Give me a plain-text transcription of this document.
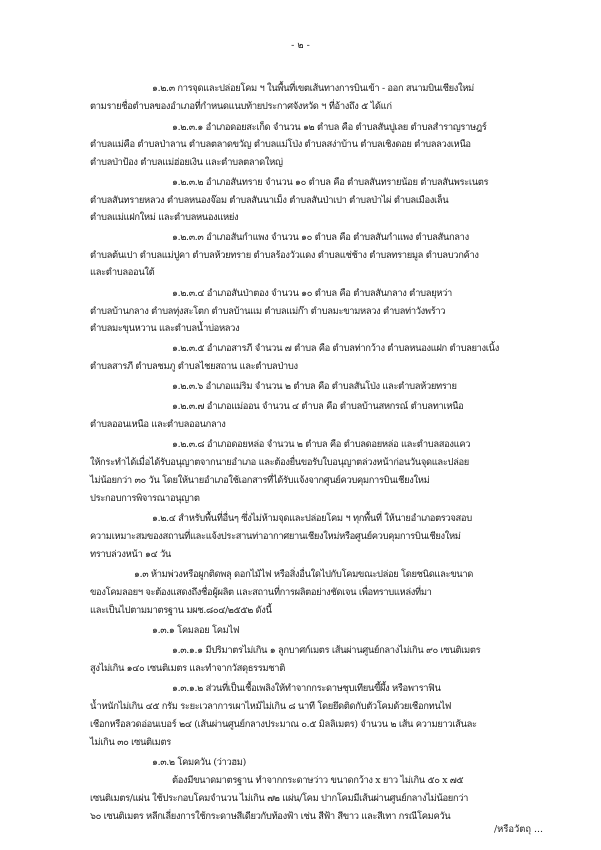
- ๒ -
๑.๒.๓ การจุดและปล่อยโคม ฯ ในพื้นที่เขตเส้นทางการบินเข้า - ออก สนามบินเชียงใหม่
ตามรายชื่อตำบลของอำเภอที่กำหนดแนบท้ายประกาศจังหวัด ฯ ที่อ้างถึง ๕ ได้แก่
๑.๒.๓.๑ อำเภอดอยสะเก็ด จำนวน ๑๒ ตำบล คือ ตำบลสันปูเลย ตำบลสำราญราษฎร์
ตำบลแม่คือ ตำบลป่าลาน ตำบลตลาดขวัญ ตำบลแม่โป่ง ตำบลสง่าบ้าน ตำบลเชิงดอย ตำบลลวงเหนือ
ตำบลป่าป้อง ตำบลแม่ฮ่อยเงิน และตำบลตลาดใหญ่
๑.๒.๓.๒ อำเภอสันทราย จำนวน ๑๐ ตำบล คือ ตำบลสันทรายน้อย ตำบลสันพระเนตร
ตำบลสันทรายหลวง ตำบลหนองจ๊อม ตำบลสันนาเม็ง ตำบลสันป่าเปา ตำบลป่าไผ่ ตำบลเมืองเล็น
ตำบลแม่แฝกใหม่ และตำบลหนองแหย่ง
๑.๒.๓.๓ อำเภอสันกำแพง จำนวน ๑๐ ตำบล คือ ตำบลสันกำแพง ตำบลสันกลาง
ตำบลต้นเปา ตำบลแม่ปูคา ตำบลห้วยทราย ตำบลร้องวัวแดง ตำบลแช่ช้าง ตำบลทรายมูล ตำบลบวกค้าง
และตำบลออนใต้
๑.๒.๓.๔ อำเภอสันป่าตอง จำนวน ๑๐ ตำบล คือ ตำบลสันกลาง ตำบลยุหว่า
ตำบลบ้านกลาง ตำบลทุ่งสะโตก ตำบลบ้านแม ตำบลแม่ก๊า ตำบลมะขามหลวง ตำบลท่าวังพร้าว
ตำบลมะขุนหวาน และตำบลน้ำบ่อหลวง
๑.๒.๓.๕ อำเภอสารภี จำนวน ๗ ตำบล คือ ตำบลท่ากว้าง ตำบลหนองแฝก ตำบลยางเนิ้ง
ตำบลสารภี ตำบลชมภู ตำบลไชยสถาน และตำบลป่าบง
๑.๒.๓.๖ อำเภอแม่ริม จำนวน ๒ ตำบล คือ ตำบลสันโป่ง และตำบลห้วยทราย
๑.๒.๓.๗ อำเภอแม่ออน จำนวน ๔ ตำบล คือ ตำบลบ้านสหกรณ์ ตำบลทาเหนือ
ตำบลออนเหนือ และตำบลออนกลาง
๑.๒.๓.๘ อำเภอดอยหล่อ จำนวน ๒ ตำบล คือ ตำบลดอยหล่อ และตำบลสองแคว
ให้กระทำได้เมื่อได้รับอนุญาตจากนายอำเภอ และต้องยื่นขอรับใบอนุญาตล่วงหน้าก่อนวันจุดและปล่อย
ไม่น้อยกว่า ๓๐ วัน โดยให้นายอำเภอใช้เอกสารที่ได้รับแจ้งจากศูนย์ควบคุมการบินเชียงใหม่
ประกอบการพิจารณาอนุญาต
๑.๒.๔ สำหรับพื้นที่อื่นๆ ซึ่งไม่ห้ามจุดและปล่อยโคม ฯ ทุกพื้นที่ ให้นายอำเภอตรวจสอบ
ความเหมาะสมของสถานที่และแจ้งประสานท่าอากาศยานเชียงใหม่หรือศูนย์ควบคุมการบินเชียงใหม่
ทราบล่วงหน้า ๑๔ วัน
๑.๓ ห้ามพ่วงหรือผูกติดพลุ ดอกไม้ไฟ หรือสิ่งอื่นใดไปกับโคมขณะปล่อย โดยชนิดและขนาด
ของโคมลอยฯ จะต้องแสดงถึงชื่อผู้ผลิต และสถานที่การผลิตอย่างชัดเจน เพื่อทราบแหล่งที่มา
และเป็นไปตามมาตรฐาน มผช.๘๐๔/๒๕๕๒ ดังนี้
๑.๓.๑ โคมลอย โคมไฟ
๑.๓.๑.๑ มีปริมาตรไม่เกิน ๑ ลูกบาศก์เมตร เส้นผ่านศูนย์กลางไม่เกิน ๙๐ เซนติเมตร
สูงไม่เกิน ๑๔๐ เซนติเมตร และทำจากวัสดุธรรมชาติ
๑.๓.๑.๒ ส่วนที่เป็นเชื้อเพลิงให้ทำจากกระดาษชุบเทียนขี้ผึ้ง หรือพาราฟิน
น้ำหนักไม่เกิน ๔๕ กรัม ระยะเวลาการเผาไหม้ไม่เกิน ๘ นาที โดยยึดติดกับตัวโคมด้วยเชือกทนไฟ
เชือกหรือลวดอ่อนเบอร์ ๒๔ (เส้นผ่านศูนย์กลางประมาณ ๐.๕ มิลลิเมตร) จำนวน ๒ เส้น ความยาวเส้นละ
ไม่เกิน ๓๐ เซนติเมตร
๑.๓.๒ โคมควัน (ว่าวฮม)
ต้องมีขนาดมาตรฐาน ทำจากกระดาษว่าว ขนาดกว้าง x ยาว ไม่เกิน ๕๐ x ๗๕
เซนติเมตร/แผ่น ใช้ประกอบโคมจำนวน ไม่เกิน ๗๒ แผ่น/โคม ปากโคมมีเส้นผ่านศูนย์กลางไม่น้อยกว่า
๖๐ เซนติเมตร หลีกเลี่ยงการใช้กระดาษสีเดียวกับท้องฟ้า เช่น สีฟ้า สีขาว และสีเทา กรณีโคมควัน
/หรือวัตถุ ...
